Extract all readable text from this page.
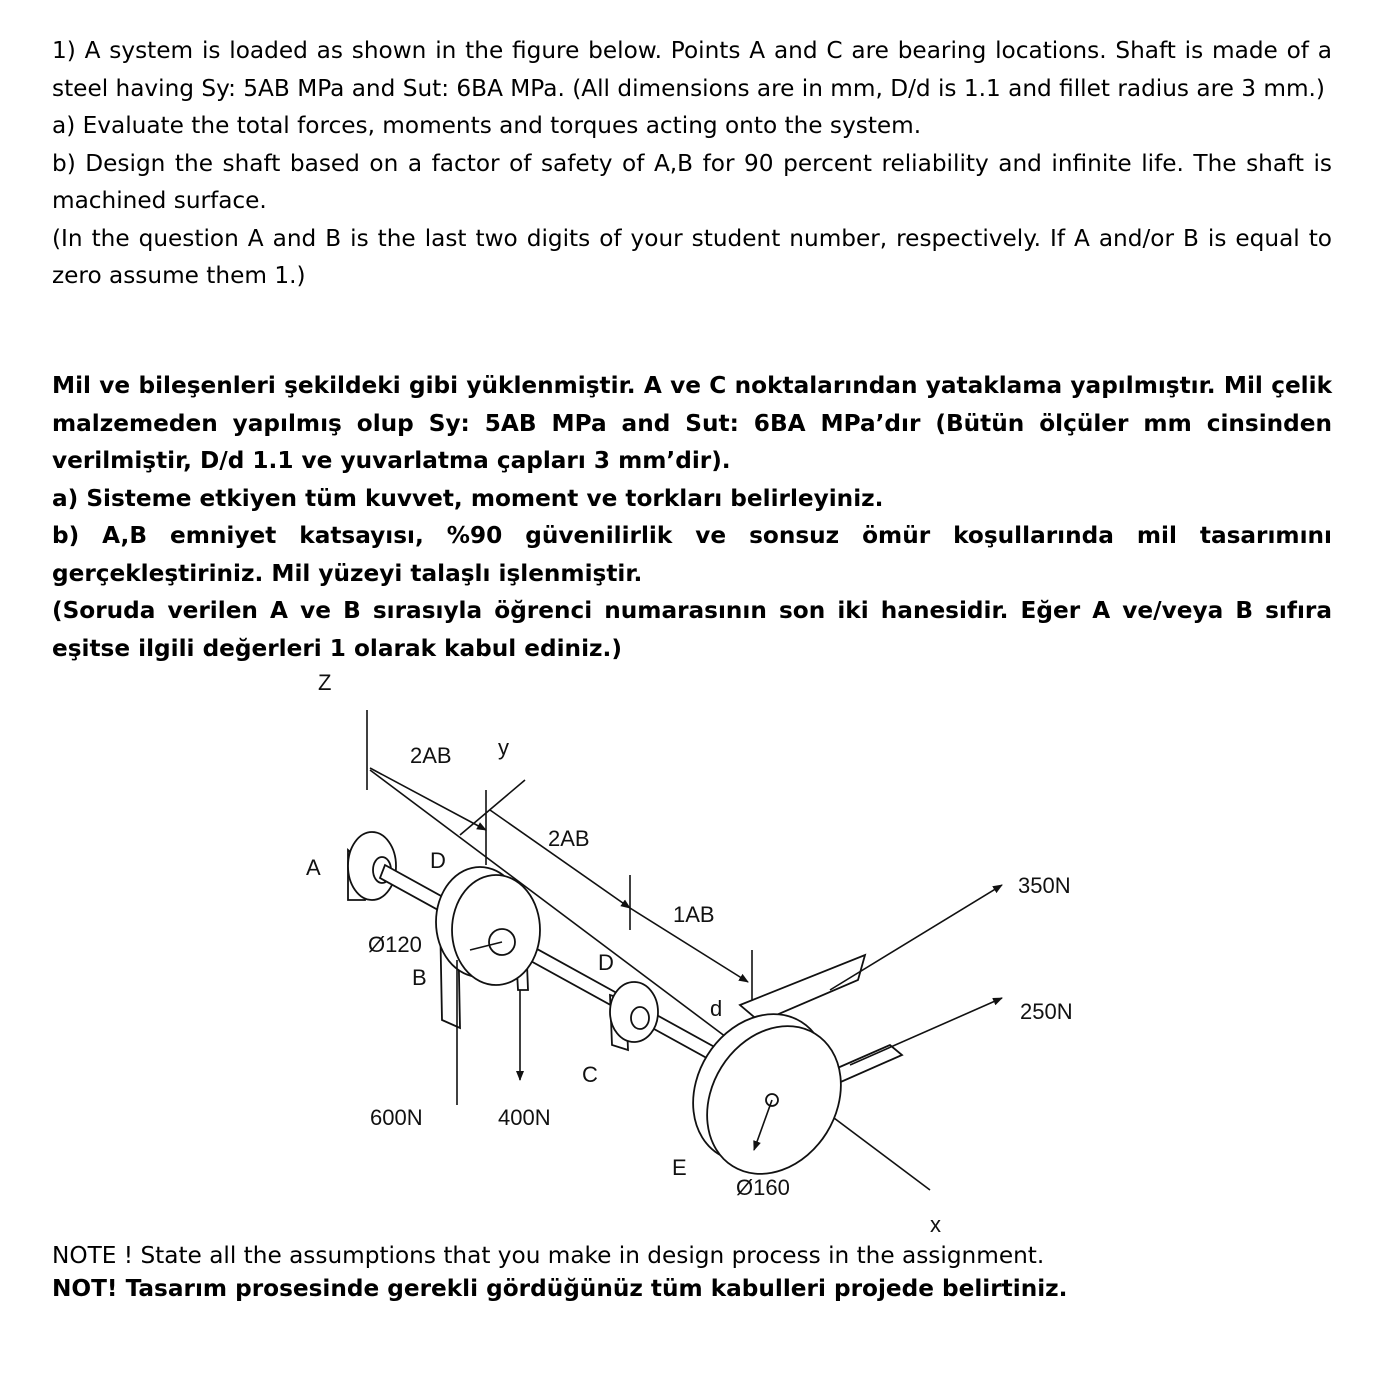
1) A system is loaded as shown in the figure below. Points A and C are bearing locations. Shaft is made of a steel having Sy: 5AB MPa and Sut: 6BA MPa. (All dimensions are in mm, D/d is 1.1 and fillet radius are 3 mm.)

a) Evaluate the total forces, moments and torques acting onto the system.

b) Design the shaft based on a factor of safety of A,B for 90 percent reliability and infinite life. The shaft is machined surface.

(In the question A and B is the last two digits of your student number, respectively. If A and/or B is equal to zero assume them 1.)

Mil ve bileşenleri şekildeki gibi yüklenmiştir. A ve C noktalarından yataklama yapılmıştır. Mil çelik malzemeden yapılmış olup Sy: 5AB MPa and Sut: 6BA MPa’dır (Bütün ölçüler mm cinsinden verilmiştir, D/d 1.1 ve yuvarlatma çapları 3 mm’dir).

a) Sisteme etkiyen tüm kuvvet, moment ve torkları belirleyiniz.

b) A,B emniyet katsayısı, %90 güvenilirlik ve sonsuz ömür koşullarında mil tasarımını gerçekleştiriniz. Mil yüzeyi talaşlı işlenmiştir.

(Soruda verilen A ve B sırasıyla öğrenci numarasının son iki hanesidir. Eğer A ve/veya B sıfıra eşitse ilgili değerleri 1 olarak kabul ediniz.)

Z
y
x
2AB
2AB
1AB
A
B
C
E
D
D
d
Ø120
Ø160
350N
250N
600N	400N

NOTE ! State all the assumptions that you make in design process in the assignment.

NOT! Tasarım prosesinde gerekli gördüğünüz tüm kabulleri projede belirtiniz.
